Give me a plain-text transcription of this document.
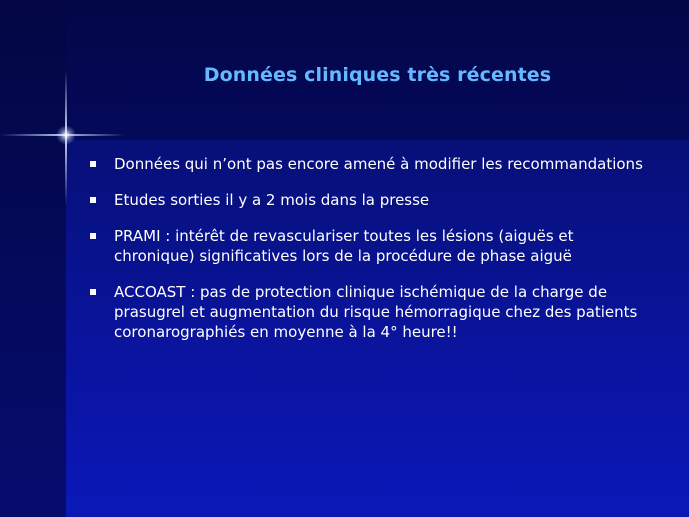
Données cliniques très récentes
Données qui n’ont pas encore amené à modifier les recommandations
Etudes sorties il y a 2 mois dans la presse
PRAMI : intérêt de revasculariser toutes les lésions (aiguës et chronique) significatives lors de la procédure de phase aiguë
ACCOAST : pas de protection clinique ischémique de la charge de prasugrel et augmentation du risque hémorragique chez des patients coronarographiés en moyenne à la 4° heure!!
